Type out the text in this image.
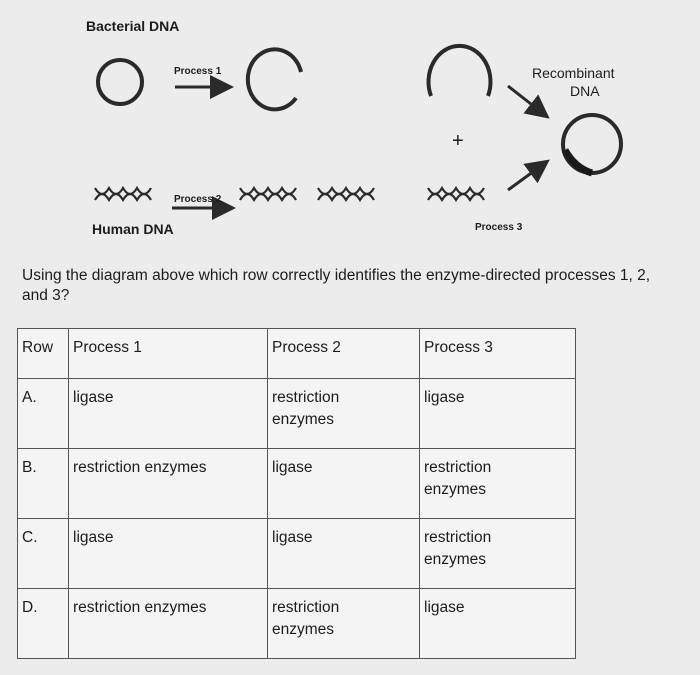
Bacterial DNA
Process 1	Recombinant
DNA
+
Process 2
Human DNA	Process 3
Using the diagram above which row correctly identifies the enzyme-directed processes 1, 2, and 3?
Row	Process 1	Process 2	Process 3
A.	ligase	restriction enzymes	ligase
B.	restriction enzymes	ligase	restriction enzymes
C.	ligase	ligase	restriction enzymes
D.	restriction enzymes	restriction enzymes	ligase
